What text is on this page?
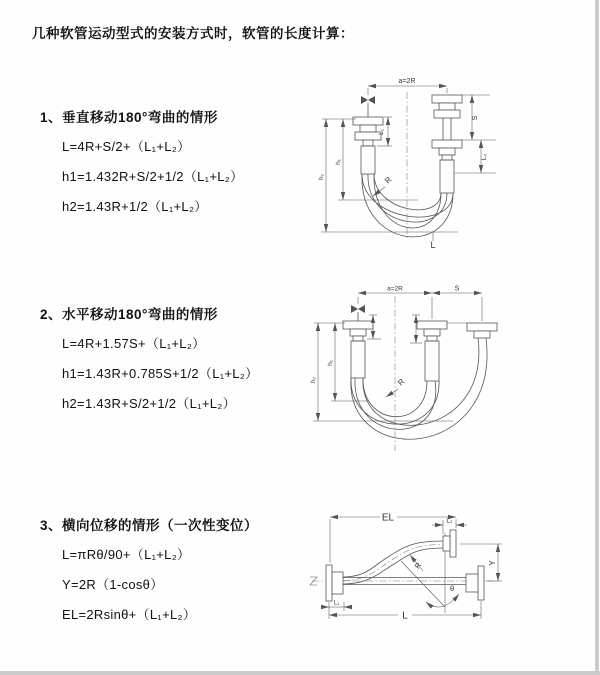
几种软管运动型式的安装方式时，软管的长度计算：
1、垂直移动180°弯曲的情形
L=4R+S/2+（L₁+L₂）
h1=1.432R+S/2+1/2（L₁+L₂）
h2=1.43R+1/2（L₁+L₂）
2、水平移动180°弯曲的情形
L=4R+1.57S+（L₁+L₂）
h1=1.43R+0.785S+1/2（L₁+L₂）
h2=1.43R+S/2+1/2（L₁+L₂）
3、横向位移的情形（一次性变位）
L=πRθ/90+（L₁+L₂）
Y=2R（1-cosθ）
EL=2Rsinθ+（L₁+L₂）
a=2R
S
L₂
L₁
h₁
h₂	R
L
a=2R	S
h₁
h₂	R
θ
EL	L₂
Y
L
L₁
R
